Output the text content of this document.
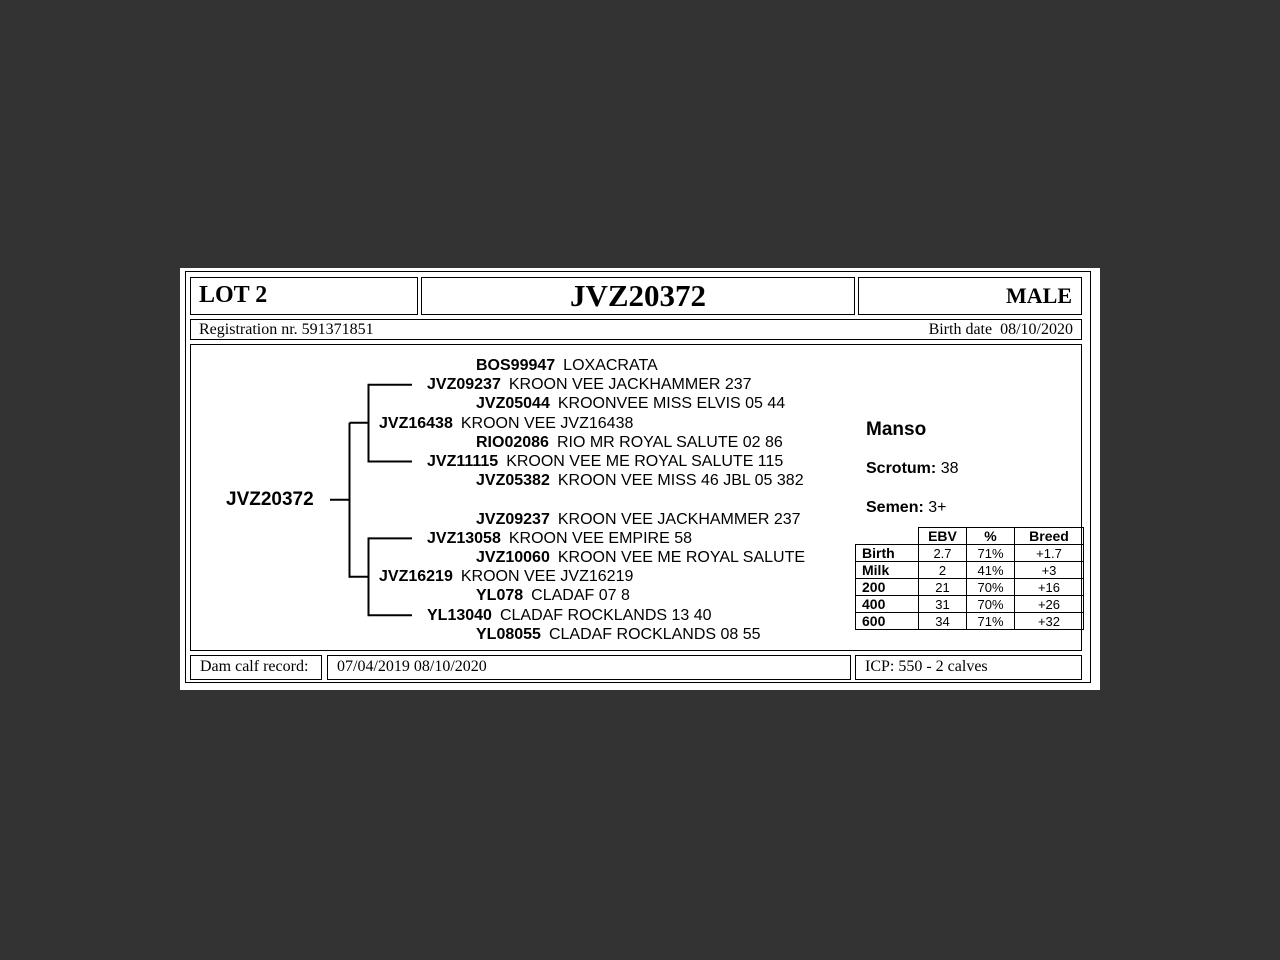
LOT 2	JVZ20372	MALE
Registration nr. 591371851	Birth date 08/10/2020
JVZ20372
BOS99947 LOXACRATA
JVZ09237 KROON VEE JACKHAMMER 237
JVZ05044 KROONVEE MISS ELVIS 05 44
JVZ16438 KROON VEE JVZ16438
RIO02086 RIO MR ROYAL SALUTE 02 86
JVZ11115 KROON VEE ME ROYAL SALUTE 115
JVZ05382 KROON VEE MISS 46 JBL 05 382
JVZ09237 KROON VEE JACKHAMMER 237
JVZ13058 KROON VEE EMPIRE 58
JVZ10060 KROON VEE ME ROYAL SALUTE
JVZ16219 KROON VEE JVZ16219
YL078 CLADAF 07 8
YL13040 CLADAF ROCKLANDS 13 40
YL08055 CLADAF ROCKLANDS 08 55
Manso
Scrotum: 38
Semen: 3+
	EBV	%	Breed
Birth	2.7	71%	+1.7
Milk	2	41%	+3
200	21	70%	+16
400	31	70%	+26
600	34	71%	+32
Dam calf record:	07/04/2019 08/10/2020	ICP: 550 - 2 calves
